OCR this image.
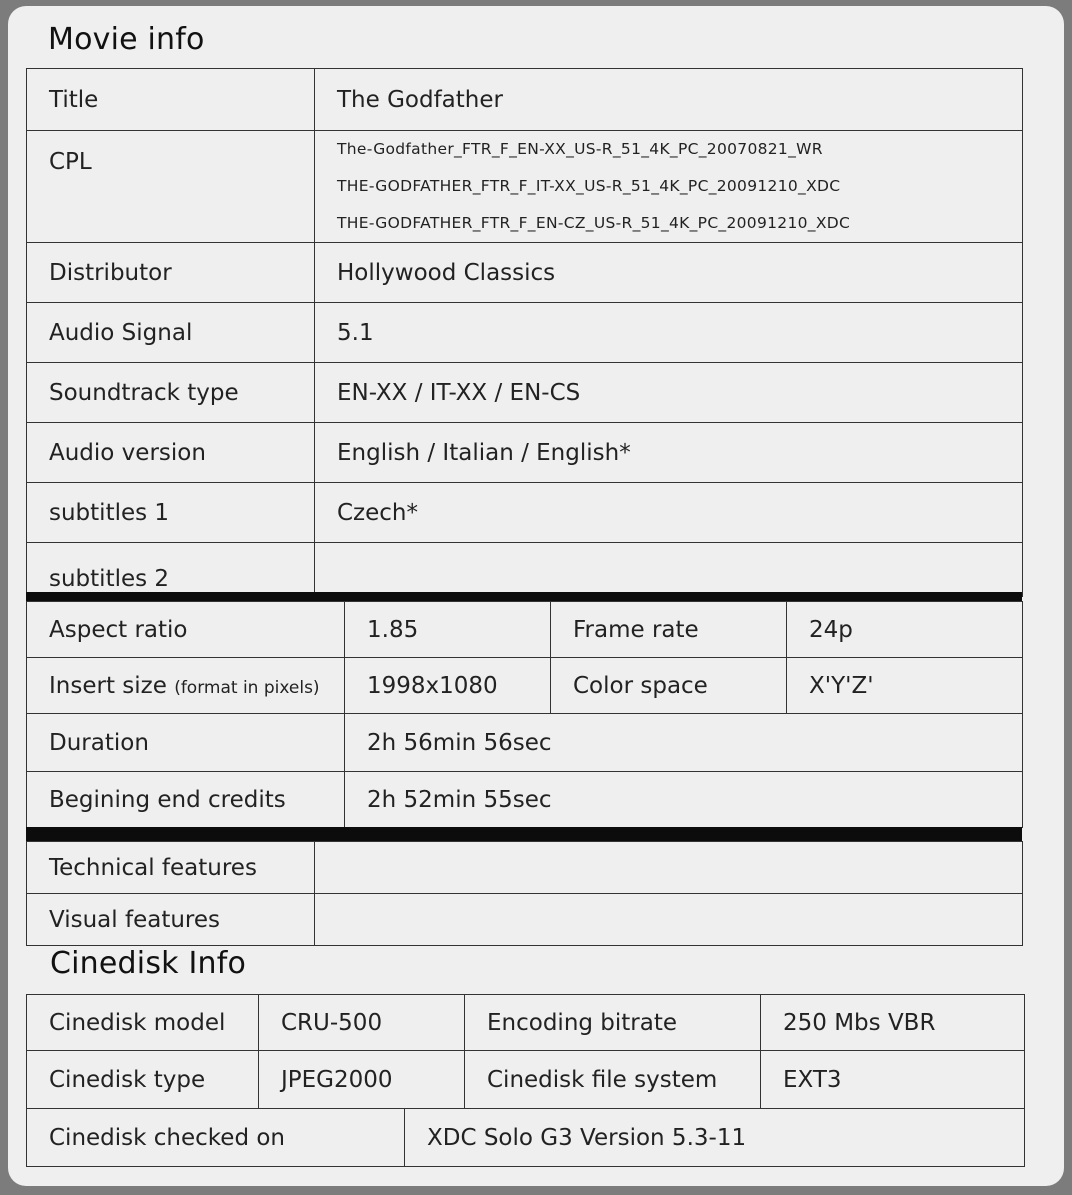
Movie info
Title	The Godfather
CPL	The-Godfather_FTR_F_EN-XX_US-R_51_4K_PC_20070821_WR
THE-GODFATHER_FTR_F_IT-XX_US-R_51_4K_PC_20091210_XDC
THE-GODFATHER_FTR_F_EN-CZ_US-R_51_4K_PC_20091210_XDC

Distributor	Hollywood Classics
Audio Signal	5.1
Soundtrack type	EN-XX / IT-XX / EN-CS
Audio version	English / Italian / English*
subtitles 1	Czech*
subtitles 2	
Aspect ratio	1.85	Frame rate	24p
Insert size (format in pixels)	1998x1080	Color space	X'Y'Z'
Duration	2h 56min 56sec		
Begining end credits	2h 52min 55sec		
Technical features	
Visual features	
Cinedisk Info
Cinedisk model	CRU-500	Encoding bitrate	250 Mbs VBR
Cinedisk type	JPEG2000	Cinedisk file system	EXT3
Cinedisk checked on	XDC Solo G3 Version 5.3-11
